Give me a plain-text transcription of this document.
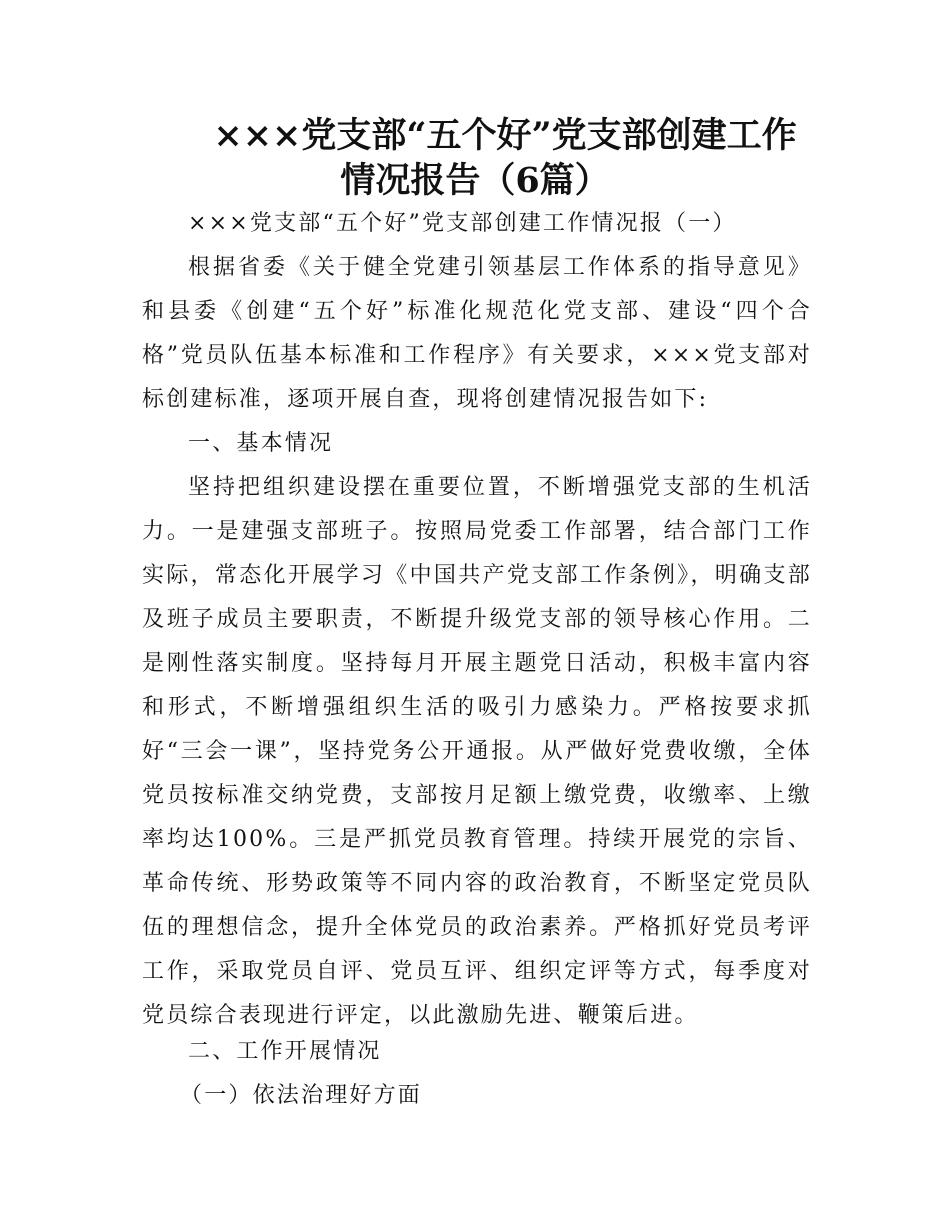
×××党支部“五个好”党支部创建工作
情况报告（6篇）
×××党支部“五个好”党支部创建工作情况报（一）
根据省委《关于健全党建引领基层工作体系的指导意见》和县委《创建“五个好”标准化规范化党支部、建设“四个合格”党员队伍基本标准和工作程序》有关要求，×××党支部对标创建标准，逐项开展自查，现将创建情况报告如下:
一、基本情况
坚持把组织建设摆在重要位置，不断增强党支部的生机活力。一是建强支部班子。按照局党委工作部署，结合部门工作实际，常态化开展学习《中国共产党支部工作条例》，明确支部及班子成员主要职责，不断提升级党支部的领导核心作用。二是刚性落实制度。坚持每月开展主题党日活动，积极丰富内容和形式，不断增强组织生活的吸引力感染力。严格按要求抓好“三会一课”，坚持党务公开通报。从严做好党费收缴，全体党员按标准交纳党费，支部按月足额上缴党费，收缴率、上缴率均达100%。三是严抓党员教育管理。持续开展党的宗旨、革命传统、形势政策等不同内容的政治教育，不断坚定党员队伍的理想信念，提升全体党员的政治素养。严格抓好党员考评工作，采取党员自评、党员互评、组织定评等方式，每季度对党员综合表现进行评定，以此激励先进、鞭策后进。
二、工作开展情况
（一）依法治理好方面
